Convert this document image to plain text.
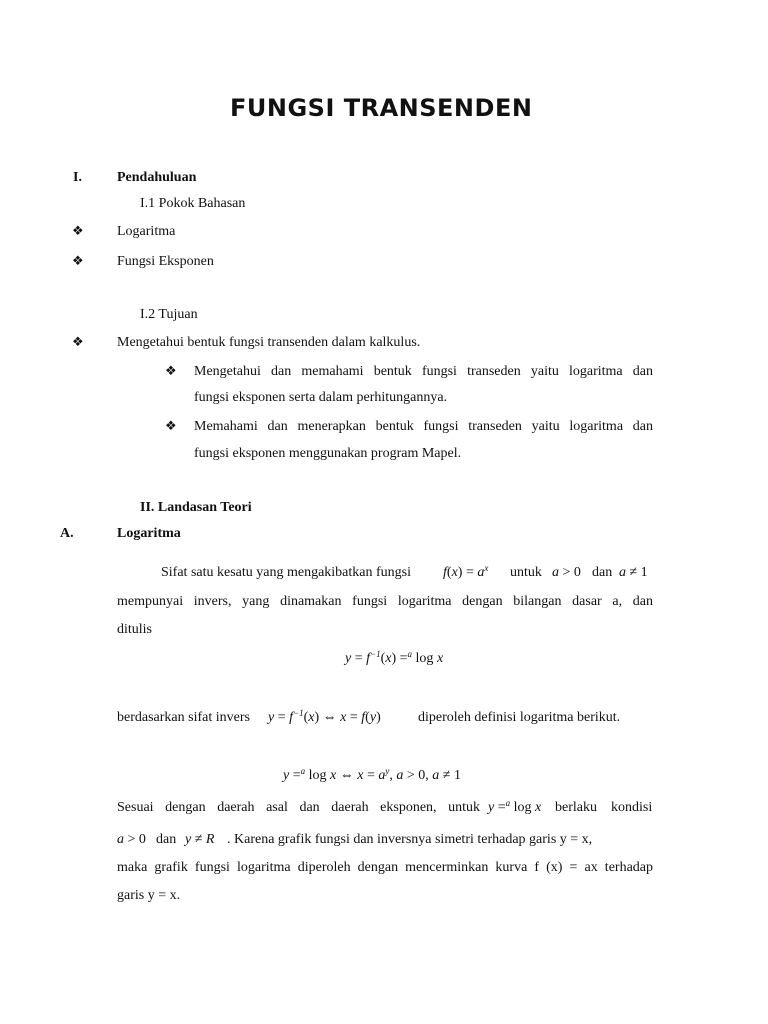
FUNGSI TRANSENDEN
I.	Pendahuluan
I.1 Pokok Bahasan
❖ Logaritma
❖ Fungsi Eksponen
I.2 Tujuan
❖ Mengetahui bentuk fungsi transenden dalam kalkulus.
❖ Mengetahui dan memahami bentuk fungsi transeden yaitu logaritma dan
fungsi eksponen serta dalam perhitungannya.
❖ Memahami dan menerapkan bentuk fungsi transeden yaitu logaritma dan
fungsi eksponen menggunakan program Mapel.
II. Landasan Teori
A.	Logaritma
Sifat satu kesatu yang mengakibatkan fungsi $f(x) = a^x$ untuk a > 0 dan a ≠ 1
mempunyai invers, yang dinamakan fungsi logaritma dengan bilangan dasar a, dan
ditulis
$y = f^{-1}(x) =^a$ log x
berdasarkan sifat invers $y = f^{-1}(x)$ ⇔ x = f(y)	diperoleh definisi logaritma berikut.
y =$^a$ log x ⇔ $x = a^y$, a > 0, a ≠ 1
Sesuai dengan daerah asal dan daerah eksponen, untuk y =$^a$ log x berlaku kondisi
a > 0 dan y ≠ R . Karena grafik fungsi dan inversnya simetri terhadap garis y = x,
maka grafik fungsi logaritma diperoleh dengan mencerminkan kurva f (x) = ax terhadap
garis y = x.
